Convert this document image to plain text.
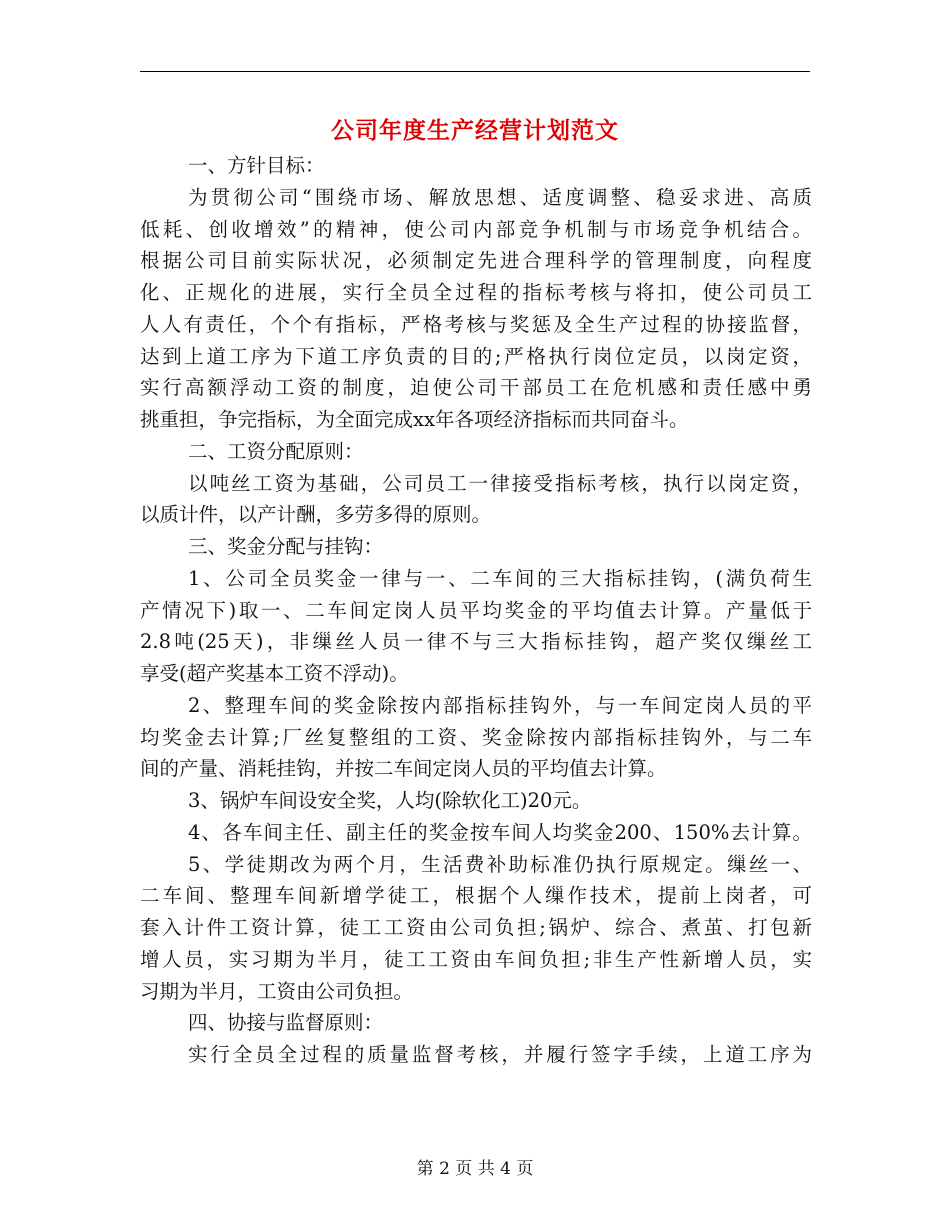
公司年度生产经营计划范文
一、方针目标：
为贯彻公司“围绕市场、解放思想、适度调整、稳妥求进、高质
低耗、创收增效”的精神，使公司内部竞争机制与市场竞争机结合。
根据公司目前实际状况，必须制定先进合理科学的管理制度，向程度
化、正规化的进展，实行全员全过程的指标考核与将扣，使公司员工
人人有责任，个个有指标，严格考核与奖惩及全生产过程的协接监督，
达到上道工序为下道工序负责的目的;严格执行岗位定员，以岗定资，
实行高额浮动工资的制度，迫使公司干部员工在危机感和责任感中勇
挑重担，争完指标，为全面完成xx年各项经济指标而共同奋斗。
二、工资分配原则：
以吨丝工资为基础，公司员工一律接受指标考核，执行以岗定资，
以质计件，以产计酬，多劳多得的原则。
三、奖金分配与挂钩：
1、公司全员奖金一律与一、二车间的三大指标挂钩，(满负荷生
产情况下)取一、二车间定岗人员平均奖金的平均值去计算。产量低于
2.8吨(25天)，非缫丝人员一律不与三大指标挂钩，超产奖仅缫丝工
享受(超产奖基本工资不浮动)。
2、整理车间的奖金除按内部指标挂钩外，与一车间定岗人员的平
均奖金去计算;厂丝复整组的工资、奖金除按内部指标挂钩外，与二车
间的产量、消耗挂钩，并按二车间定岗人员的平均值去计算。
3、锅炉车间设安全奖，人均(除软化工)20元。
4、各车间主任、副主任的奖金按车间人均奖金200、150%去计算。
5、学徒期改为两个月，生活费补助标准仍执行原规定。缫丝一、
二车间、整理车间新增学徒工，根据个人缫作技术，提前上岗者，可
套入计件工资计算，徒工工资由公司负担;锅炉、综合、煮茧、打包新
增人员，实习期为半月，徒工工资由车间负担;非生产性新增人员，实
习期为半月，工资由公司负担。
四、协接与监督原则：
实行全员全过程的质量监督考核，并履行签字手续，上道工序为
第 2 页 共 4 页
